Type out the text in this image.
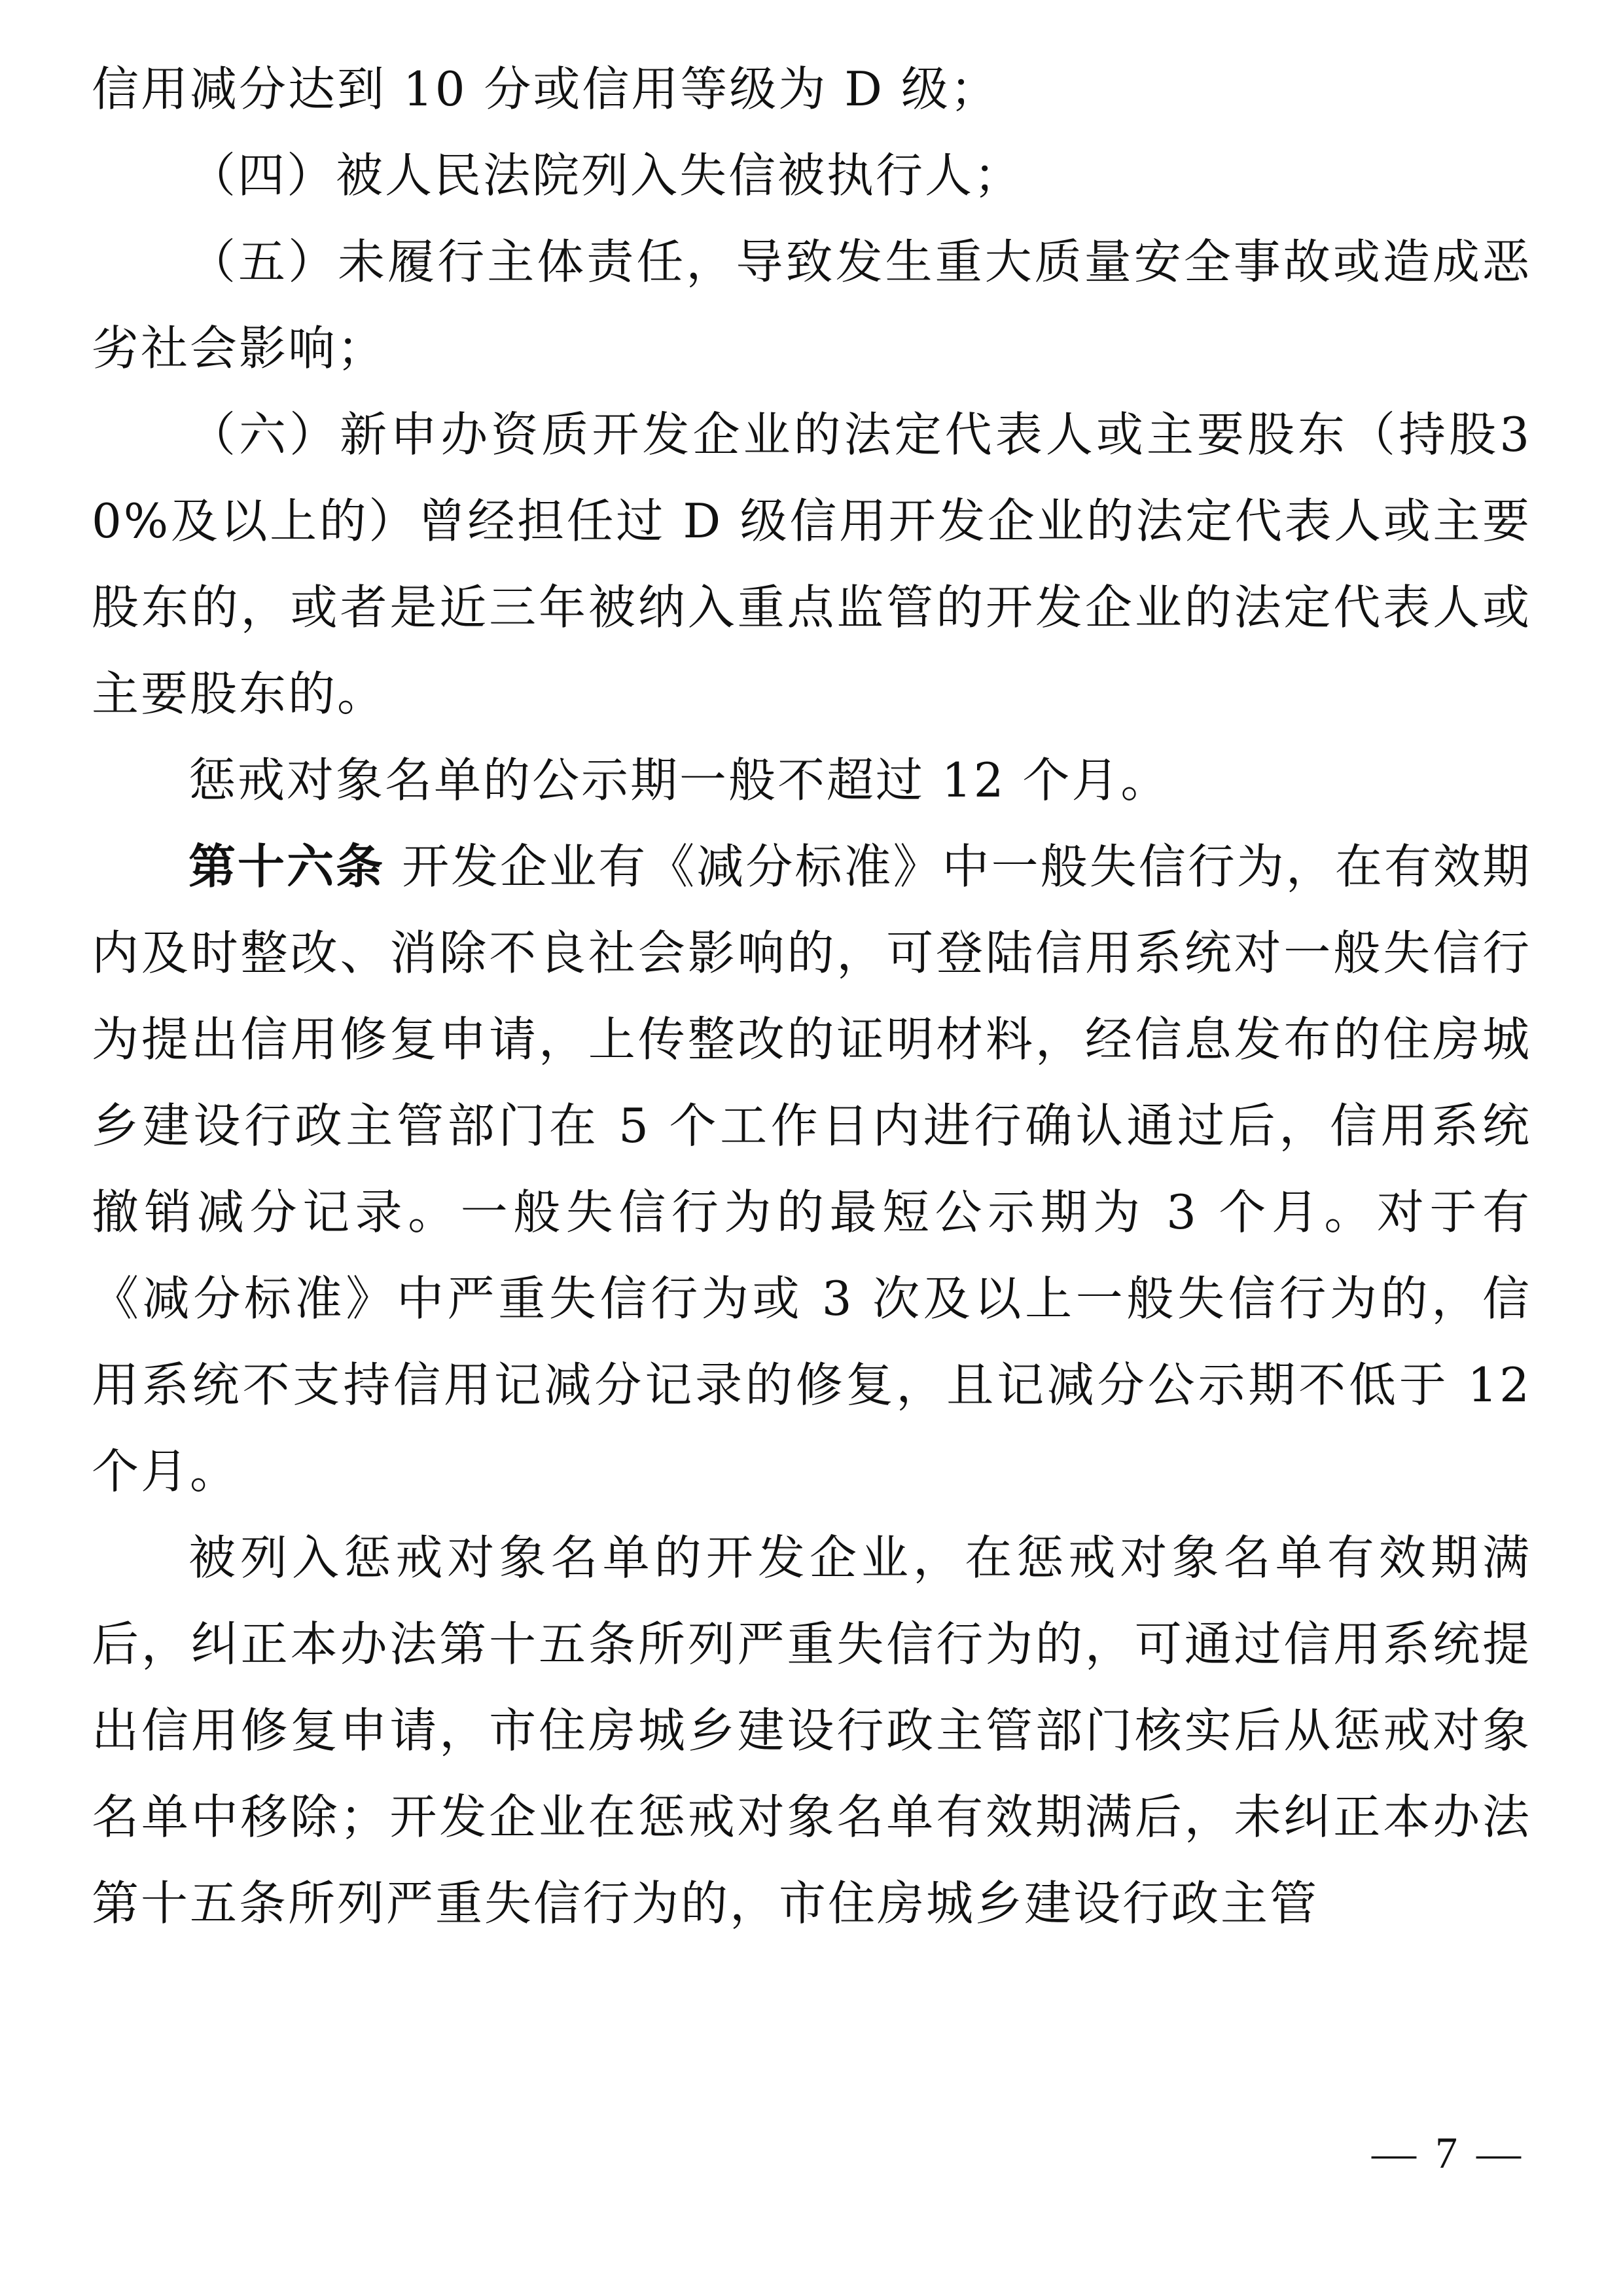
信用减分达到 10 分或信用等级为 D 级；

（四）被人民法院列入失信被执行人；

（五）未履行主体责任，导致发生重大质量安全事故或造成恶劣社会影响；

（六）新申办资质开发企业的法定代表人或主要股东（持股30%及以上的）曾经担任过 D 级信用开发企业的法定代表人或主要股东的，或者是近三年被纳入重点监管的开发企业的法定代表人或主要股东的。

惩戒对象名单的公示期一般不超过 12 个月。

第十六条 开发企业有《减分标准》中一般失信行为，在有效期内及时整改、消除不良社会影响的，可登陆信用系统对一般失信行为提出信用修复申请，上传整改的证明材料，经信息发布的住房城乡建设行政主管部门在 5 个工作日内进行确认通过后，信用系统撤销减分记录。一般失信行为的最短公示期为 3 个月。对于有《减分标准》中严重失信行为或 3 次及以上一般失信行为的，信用系统不支持信用记减分记录的修复，且记减分公示期不低于 12 个月。

被列入惩戒对象名单的开发企业，在惩戒对象名单有效期满后，纠正本办法第十五条所列严重失信行为的，可通过信用系统提出信用修复申请，市住房城乡建设行政主管部门核实后从惩戒对象名单中移除；开发企业在惩戒对象名单有效期满后，未纠正本办法第十五条所列严重失信行为的，市住房城乡建设行政主管

— 7 —
